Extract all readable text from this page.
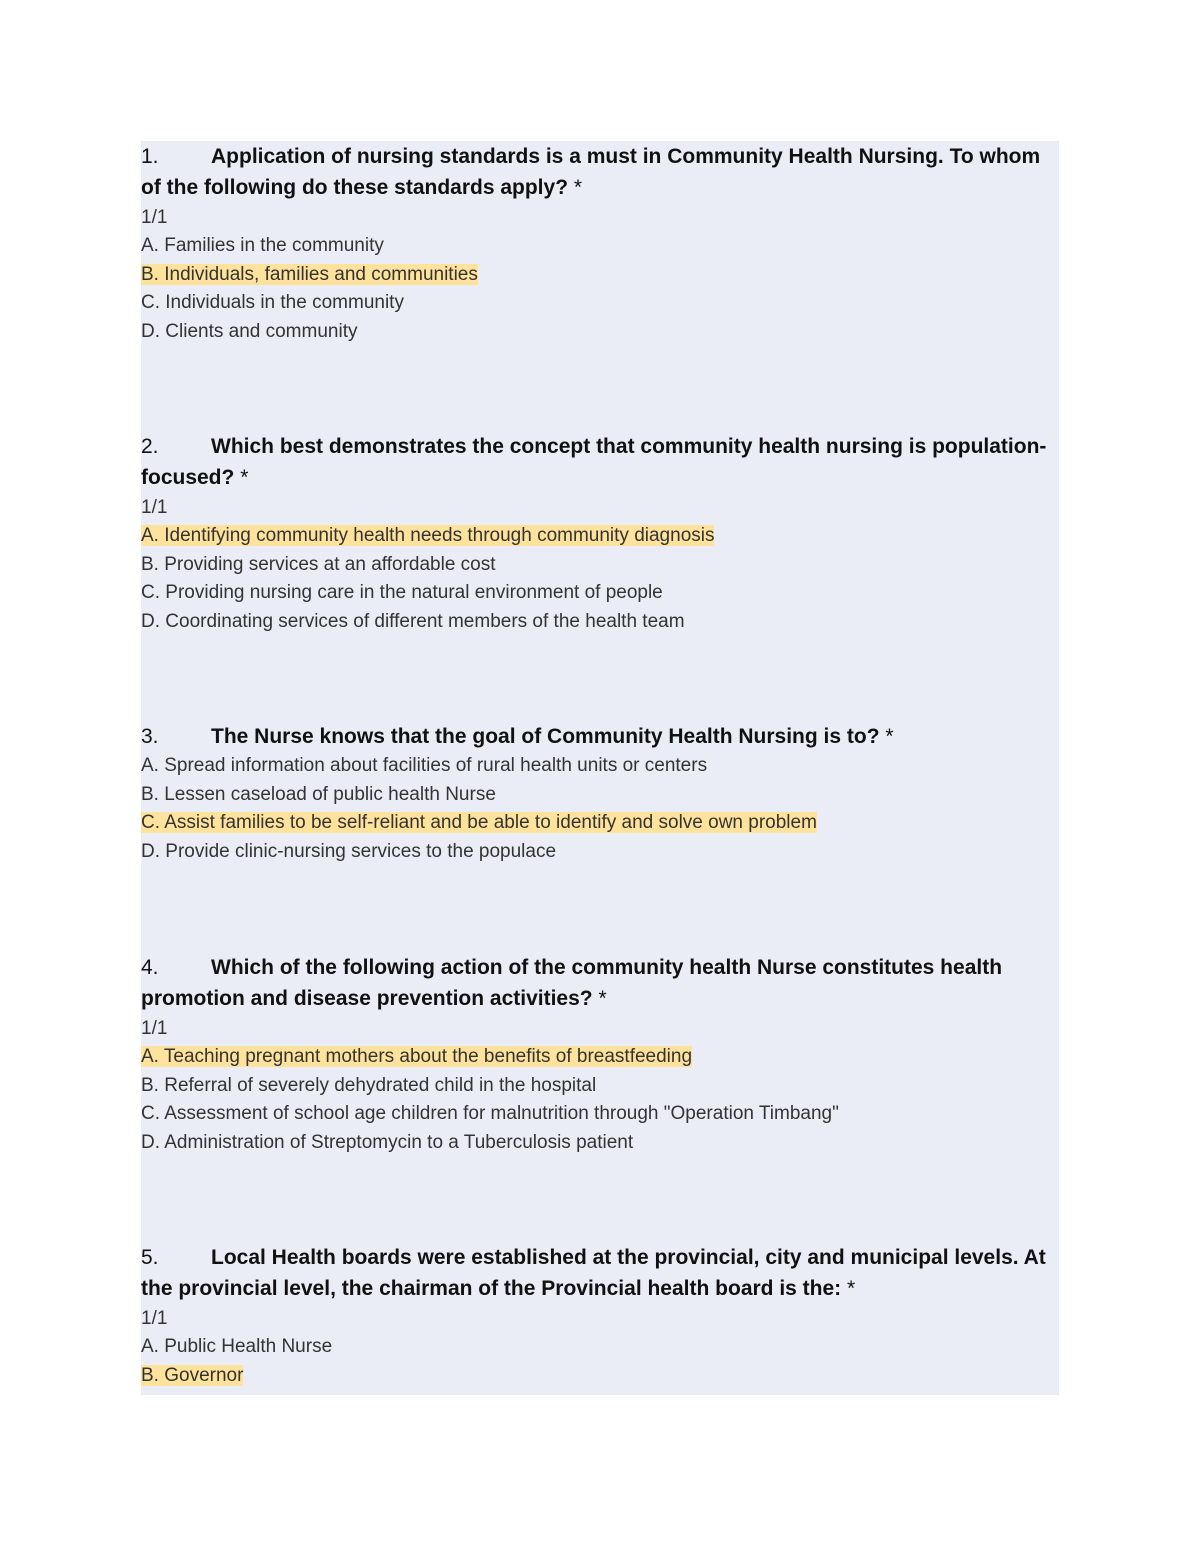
1. Application of nursing standards is a must in Community Health Nursing. To whom of the following do these standards apply? *

1/1
A. Families in the community
B. Individuals, families and communities
C. Individuals in the community
D. Clients and community

2. Which best demonstrates the concept that community health nursing is population-focused? *

1/1
A. Identifying community health needs through community diagnosis
B. Providing services at an affordable cost
C. Providing nursing care in the natural environment of people
D. Coordinating services of different members of the health team

3. The Nurse knows that the goal of Community Health Nursing is to? *

A. Spread information about facilities of rural health units or centers
B. Lessen caseload of public health Nurse
C. Assist families to be self-reliant and be able to identify and solve own problem
D. Provide clinic-nursing services to the populace

4. Which of the following action of the community health Nurse constitutes health promotion and disease prevention activities? *

1/1
A. Teaching pregnant mothers about the benefits of breastfeeding
B. Referral of severely dehydrated child in the hospital
C. Assessment of school age children for malnutrition through "Operation Timbang"
D. Administration of Streptomycin to a Tuberculosis patient

5. Local Health boards were established at the provincial, city and municipal levels. At the provincial level, the chairman of the Provincial health board is the: *

1/1
A. Public Health Nurse
B. Governor
